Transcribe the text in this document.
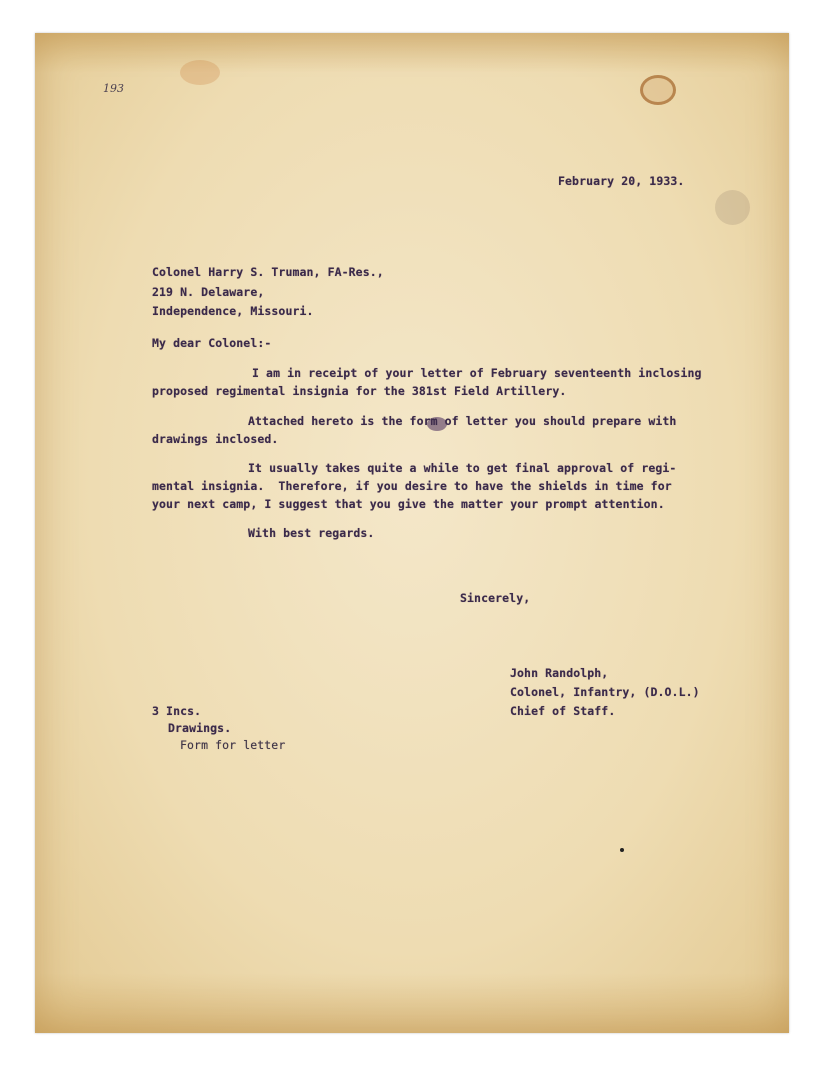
193
February 20, 1933.
Colonel Harry S. Truman, FA-Res.,
219 N. Delaware,
Independence, Missouri.
My dear Colonel:-
I am in receipt of your letter of February seventeenth inclosing
proposed regimental insignia for the 381st Field Artillery.
Attached hereto is the form of letter you should prepare with
drawings inclosed.
It usually takes quite a while to get final approval of regi-
mental insignia.  Therefore, if you desire to have the shields in time for
your next camp, I suggest that you give the matter your prompt attention.
With best regards.
Sincerely,
John Randolph,
Colonel, Infantry, (D.O.L.)
Chief of Staff.
3 Incs.
Drawings.
Form for letter
